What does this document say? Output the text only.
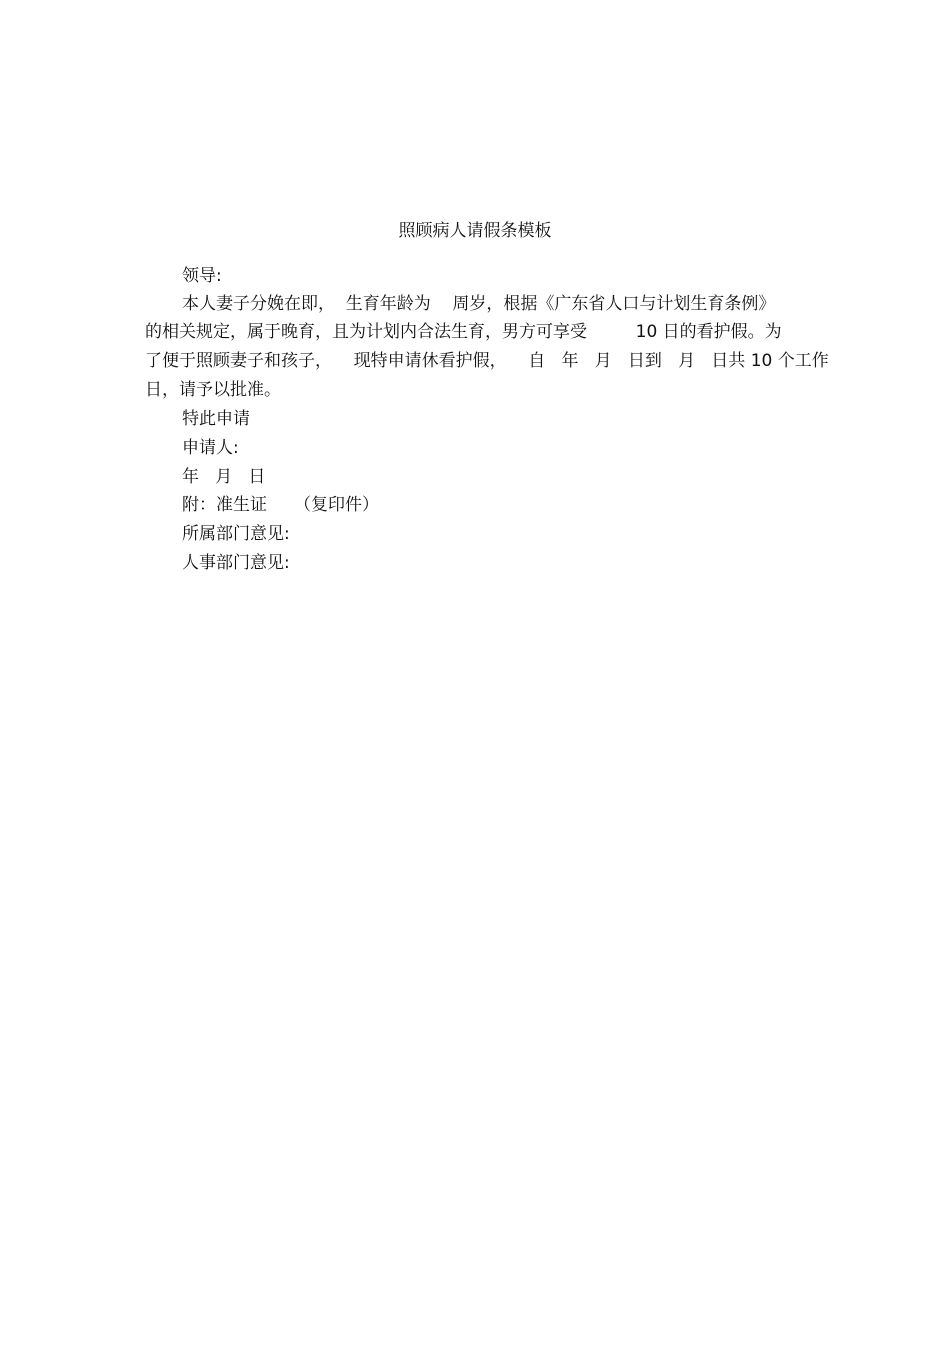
照顾病人请假条模板
领导:
本人妻子分娩在即，  生育年龄为    周岁，根据《广东省人口与计划生育条例》
的相关规定，属于晚育，且为计划内合法生育，男方可享受         10 日的看护假。为
了便于照顾妻子和孩子，    现特申请休看护假，    自   年   月   日到   月   日共 10 个工作
日，请予以批准。
特此申请
申请人:
年   月   日
附：准生证     （复印件）
所属部门意见:
人事部门意见:
